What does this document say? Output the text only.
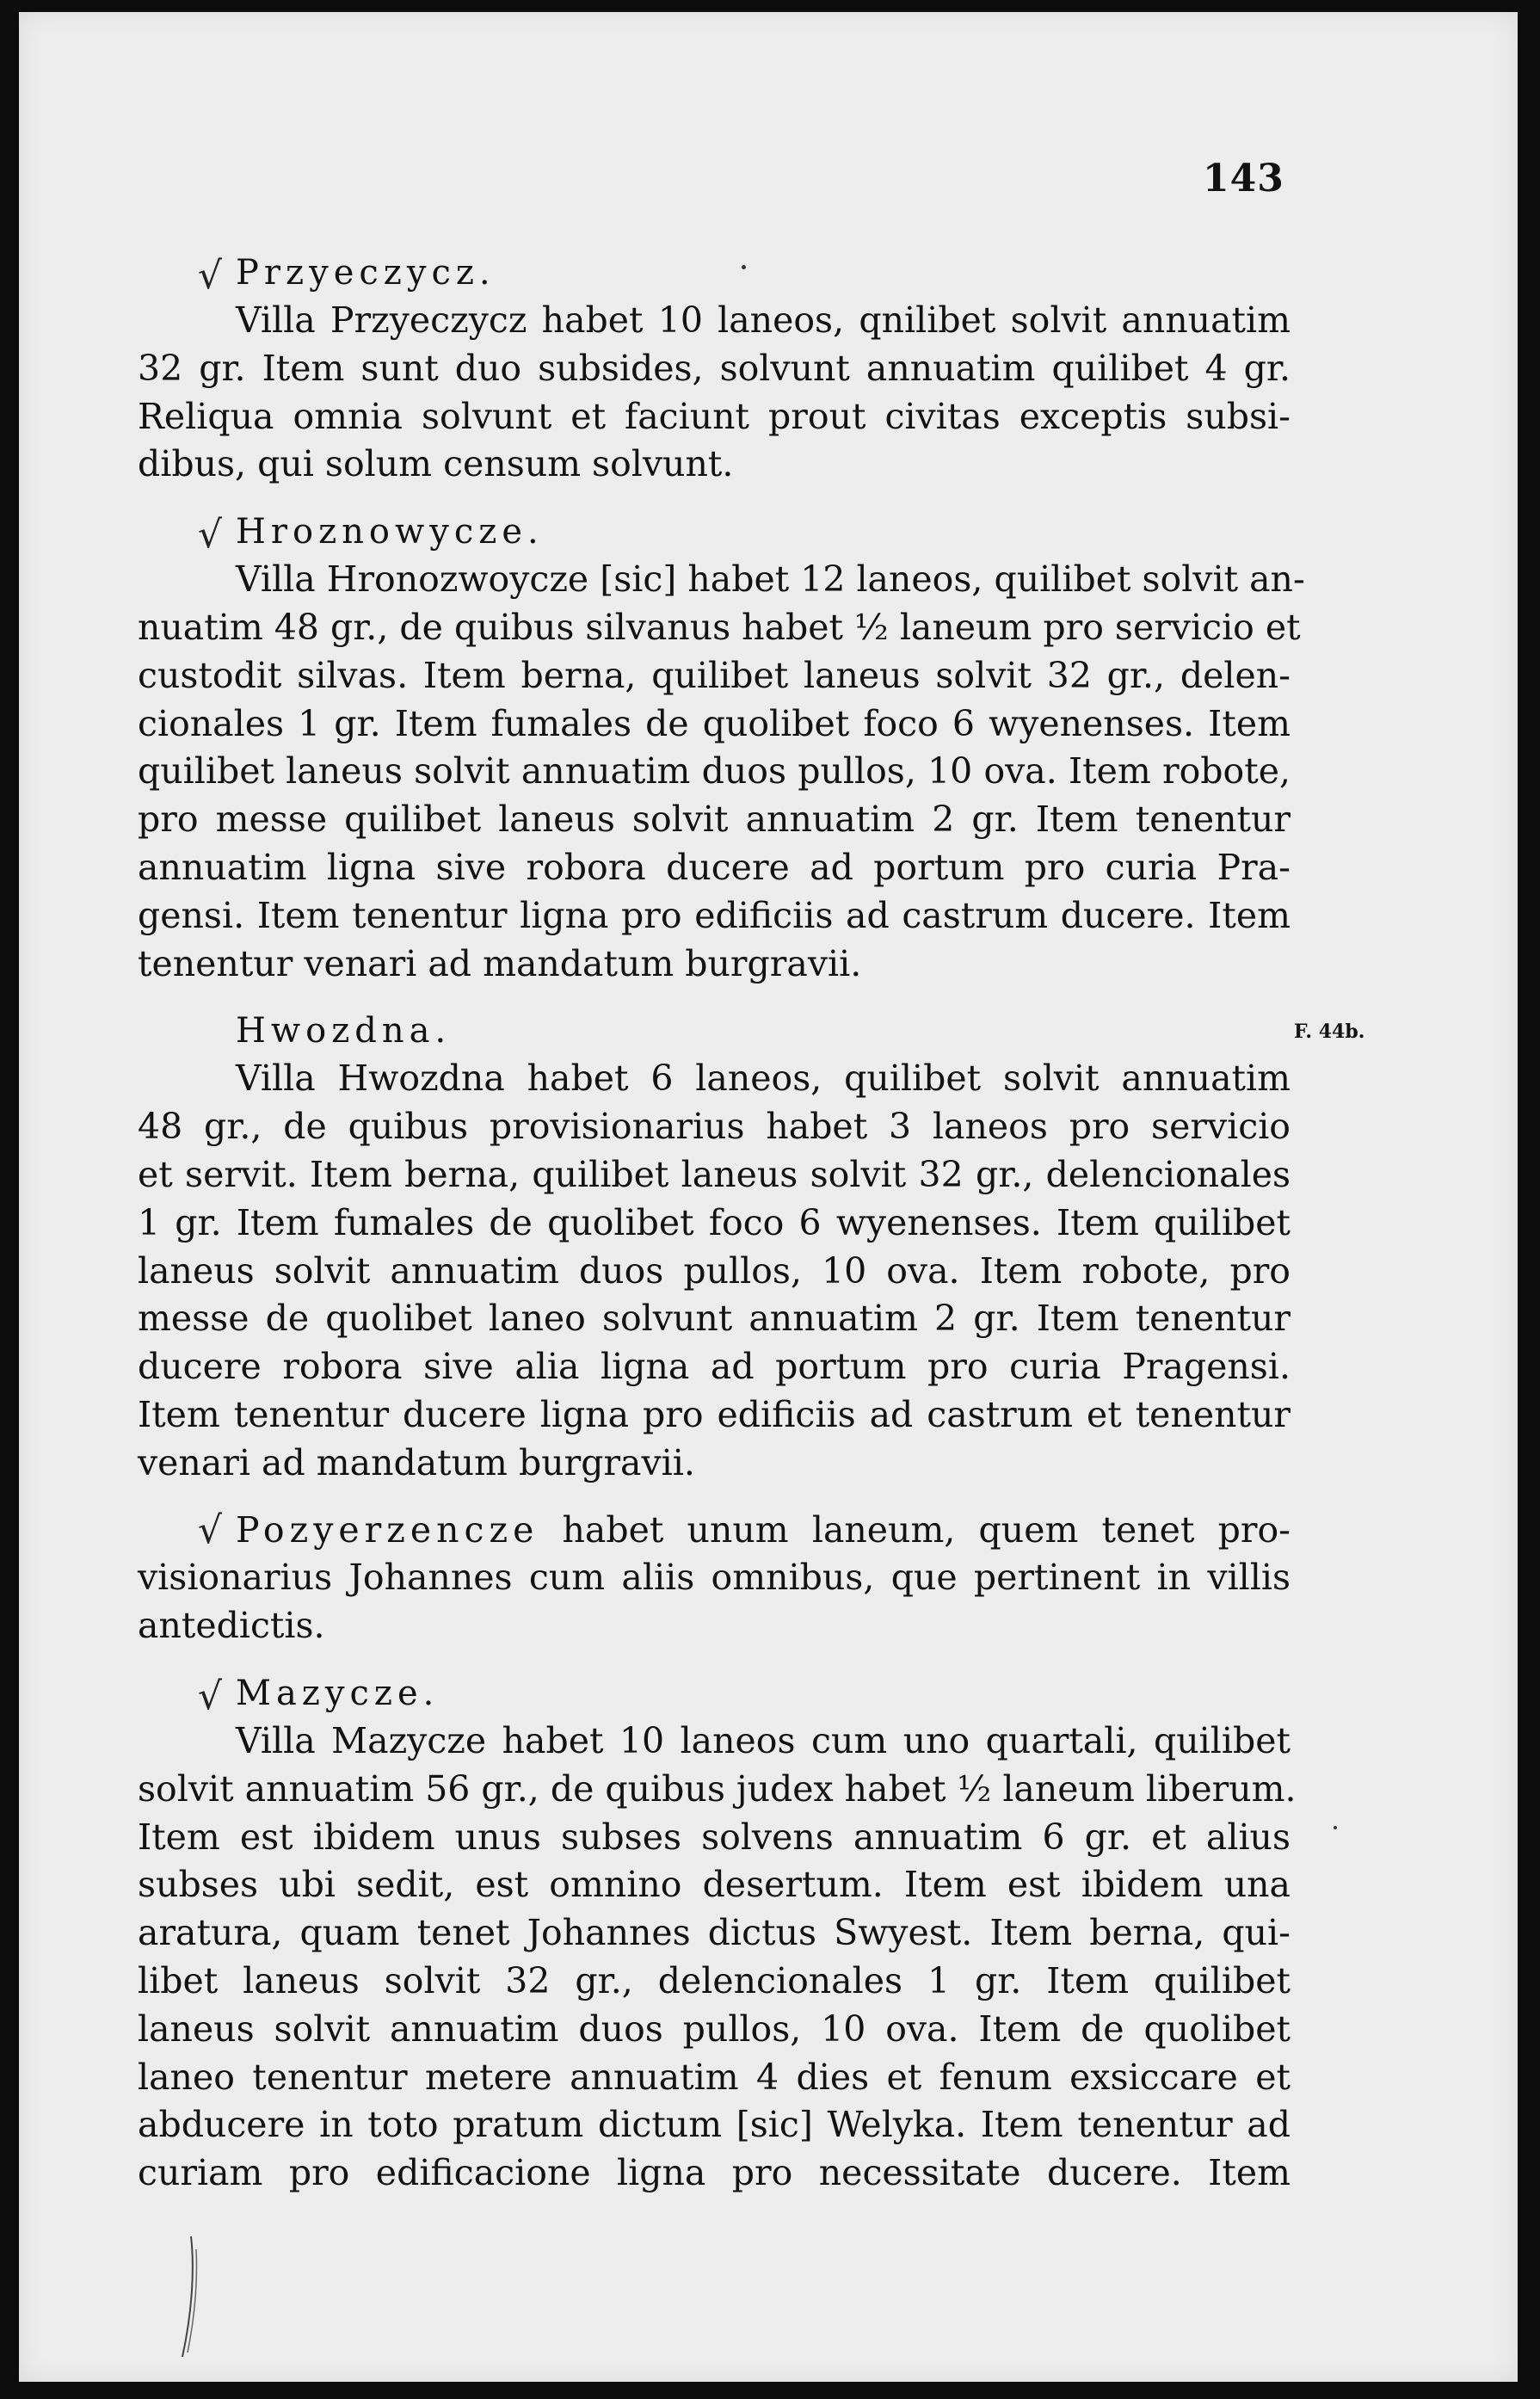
143
F. 44b.
√ Przyeczycz.
Villa Przyeczycz habet 10 laneos, qnilibet solvit annuatim
32 gr. Item sunt duo subsides, solvunt annuatim quilibet 4 gr.
Reliqua omnia solvunt et faciunt prout civitas exceptis subsi-
dibus, qui solum censum solvunt.
√ Hroznowycze.
Villa Hronozwoycze [sic] habet 12 laneos, quilibet solvit an-
nuatim 48 gr., de quibus silvanus habet ½ laneum pro servicio et
custodit silvas. Item berna, quilibet laneus solvit 32 gr., delen-
cionales 1 gr. Item fumales de quolibet foco 6 wyenenses. Item
quilibet laneus solvit annuatim duos pullos, 10 ova. Item robote,
pro messe quilibet laneus solvit annuatim 2 gr. Item tenentur
annuatim ligna sive robora ducere ad portum pro curia Pra-
gensi. Item tenentur ligna pro edificiis ad castrum ducere. Item
tenentur venari ad mandatum burgravii.
Hwozdna.
Villa Hwozdna habet 6 laneos, quilibet solvit annuatim
48 gr., de quibus provisionarius habet 3 laneos pro servicio
et servit. Item berna, quilibet laneus solvit 32 gr., delencionales
1 gr. Item fumales de quolibet foco 6 wyenenses. Item quilibet
laneus solvit annuatim duos pullos, 10 ova. Item robote, pro
messe de quolibet laneo solvunt annuatim 2 gr. Item tenentur
ducere robora sive alia ligna ad portum pro curia Pragensi.
Item tenentur ducere ligna pro edificiis ad castrum et tenentur
venari ad mandatum burgravii.
√ Pozyerzencze habet unum laneum, quem tenet pro-
visionarius Johannes cum aliis omnibus, que pertinent in villis
antedictis.
√ Mazycze.
Villa Mazycze habet 10 laneos cum uno quartali, quilibet
solvit annuatim 56 gr., de quibus judex habet ½ laneum liberum.
Item est ibidem unus subses solvens annuatim 6 gr. et alius
subses ubi sedit, est omnino desertum. Item est ibidem una
aratura, quam tenet Johannes dictus Swyest. Item berna, qui-
libet laneus solvit 32 gr., delencionales 1 gr. Item quilibet
laneus solvit annuatim duos pullos, 10 ova. Item de quolibet
laneo tenentur metere annuatim 4 dies et fenum exsiccare et
abducere in toto pratum dictum [sic] Welyka. Item tenentur ad
curiam pro edificacione ligna pro necessitate ducere. Item
